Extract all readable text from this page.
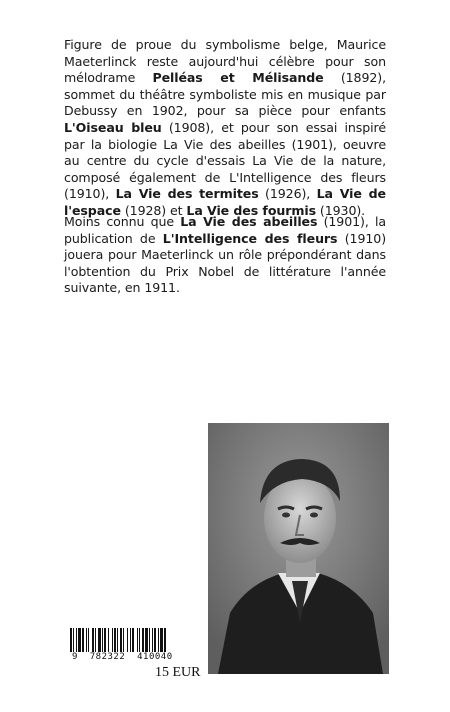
Figure de proue du symbolisme belge, Maurice Maeterlinck reste aujourd'hui célèbre pour son mélodrame Pelléas et Mélisande (1892), sommet du théâtre symboliste mis en musique par Debussy en 1902, pour sa pièce pour enfants L'Oiseau bleu (1908), et pour son essai inspiré par la biologie La Vie des abeilles (1901), oeuvre au centre du cycle d'essais La Vie de la nature, composé également de L'Intelligence des fleurs (1910), La Vie des termites (1926), La Vie de l'espace (1928) et La Vie des fourmis (1930).
Moins connu que La Vie des abeilles (1901), la publication de L'Intelligence des fleurs (1910) jouera pour Maeterlinck un rôle prépondérant dans l'obtention du Prix Nobel de littérature l'année suivante, en 1911.
9  782322  410040
15 EUR
